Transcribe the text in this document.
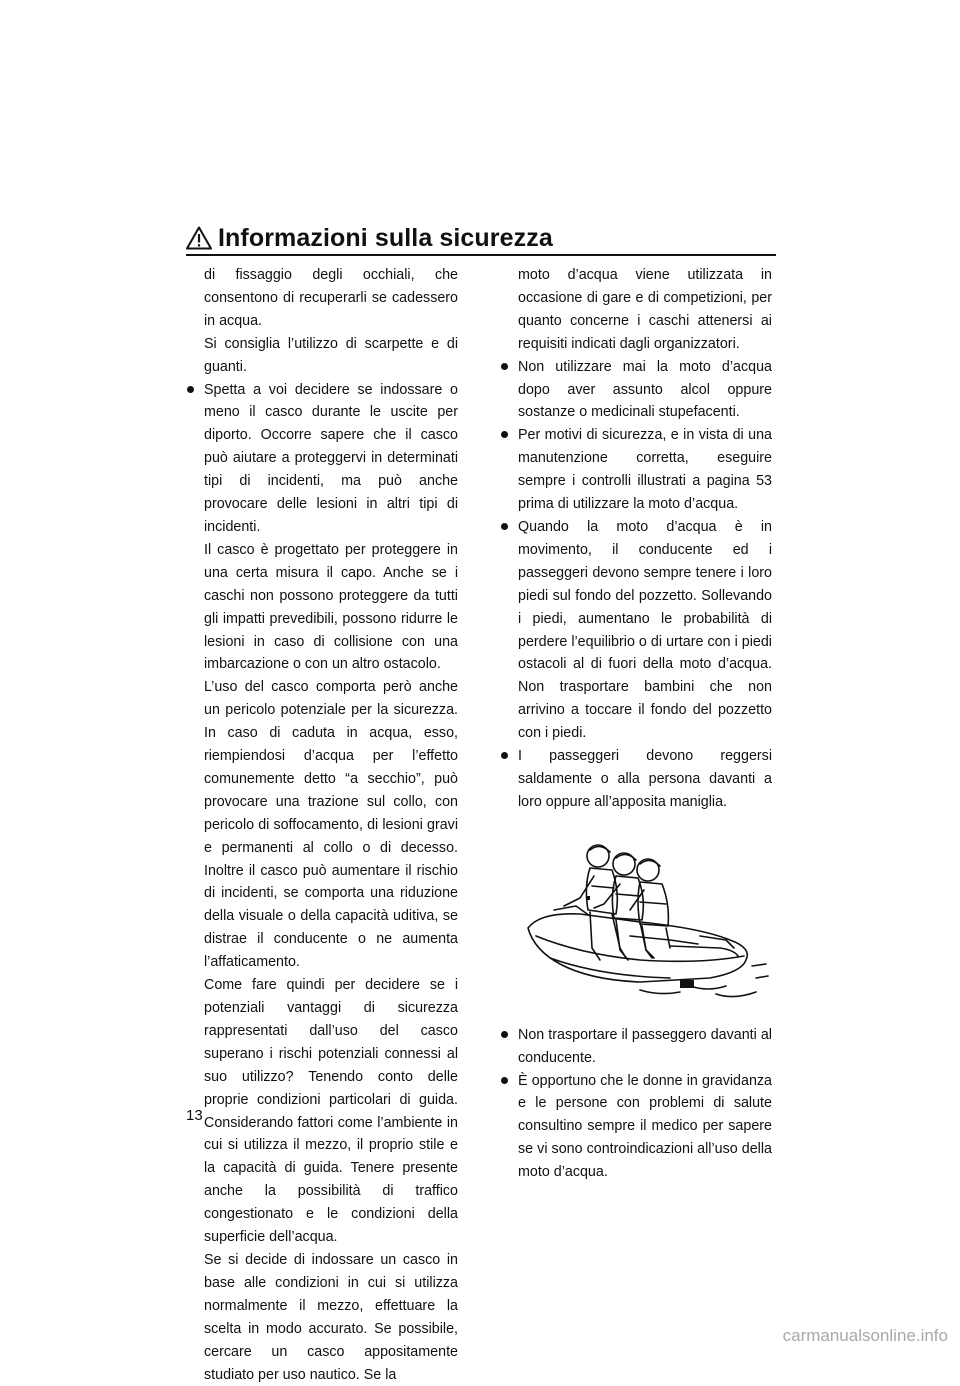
Informazioni sulla sicurezza

di fissaggio degli occhiali, che consentono di recuperarli se cadessero in acqua.

Si consiglia l’utilizzo di scarpette e di guanti.

Spetta a voi decidere se indossare o meno il casco durante le uscite per diporto. Occorre sapere che il casco può aiutare a proteggervi in determinati tipi di incidenti, ma può anche provocare delle lesioni in altri tipi di incidenti.

Il casco è progettato per proteggere in una certa misura il capo. Anche se i caschi non possono proteggere da tutti gli impatti prevedibili, possono ridurre le lesioni in caso di collisione con una imbarcazione o con un altro ostacolo.

L’uso del casco comporta però anche un pericolo potenziale per la sicurezza. In caso di caduta in acqua, esso, riempiendosi d’acqua per l’effetto comunemente detto “a secchio”, può provocare una trazione sul collo, con pericolo di soffocamento, di lesioni gravi e permanenti al collo o di decesso. Inoltre il casco può aumentare il rischio di incidenti, se comporta una riduzione della visuale o della capacità uditiva, se distrae il conducente o ne aumenta l’affaticamento.

Come fare quindi per decidere se i potenziali vantaggi di sicurezza rappresentati dall’uso del casco superano i rischi potenziali connessi al suo utilizzo? Tenendo conto delle proprie condizioni particolari di guida. Considerando fattori come l’ambiente in cui si utilizza il mezzo, il proprio stile e la capacità di guida. Tenere presente anche la possibilità di traffico congestionato e le condizioni della superficie dell’acqua.

Se si decide di indossare un casco in base alle condizioni in cui si utilizza normalmente il mezzo, effettuare la scelta in modo accurato. Se possibile, cercare un casco appositamente studiato per uso nautico. Se la

moto d’acqua viene utilizzata in occasione di gare e di competizioni, per quanto concerne i caschi attenersi ai requisiti indicati dagli organizzatori.

Non utilizzare mai la moto d’acqua dopo aver assunto alcol oppure sostanze o medicinali stupefacenti.

Per motivi di sicurezza, e in vista di una manutenzione corretta, eseguire sempre i controlli illustrati a pagina 53 prima di utilizzare la moto d’acqua.

Quando la moto d’acqua è in movimento, il conducente ed i passeggeri devono sempre tenere i loro piedi sul fondo del pozzetto. Sollevando i piedi, aumentano le probabilità di perdere l’equilibrio o di urtare con i piedi ostacoli al di fuori della moto d’acqua. Non trasportare bambini che non arrivino a toccare il fondo del pozzetto con i piedi.

I passeggeri devono reggersi saldamente o alla persona davanti a loro oppure all’apposita maniglia.

Non trasportare il passeggero davanti al conducente.

È opportuno che le donne in gravidanza e le persone con problemi di salute consultino sempre il medico per sapere se vi sono controindicazioni all’uso della moto d’acqua.

13
carmanualsonline.info
